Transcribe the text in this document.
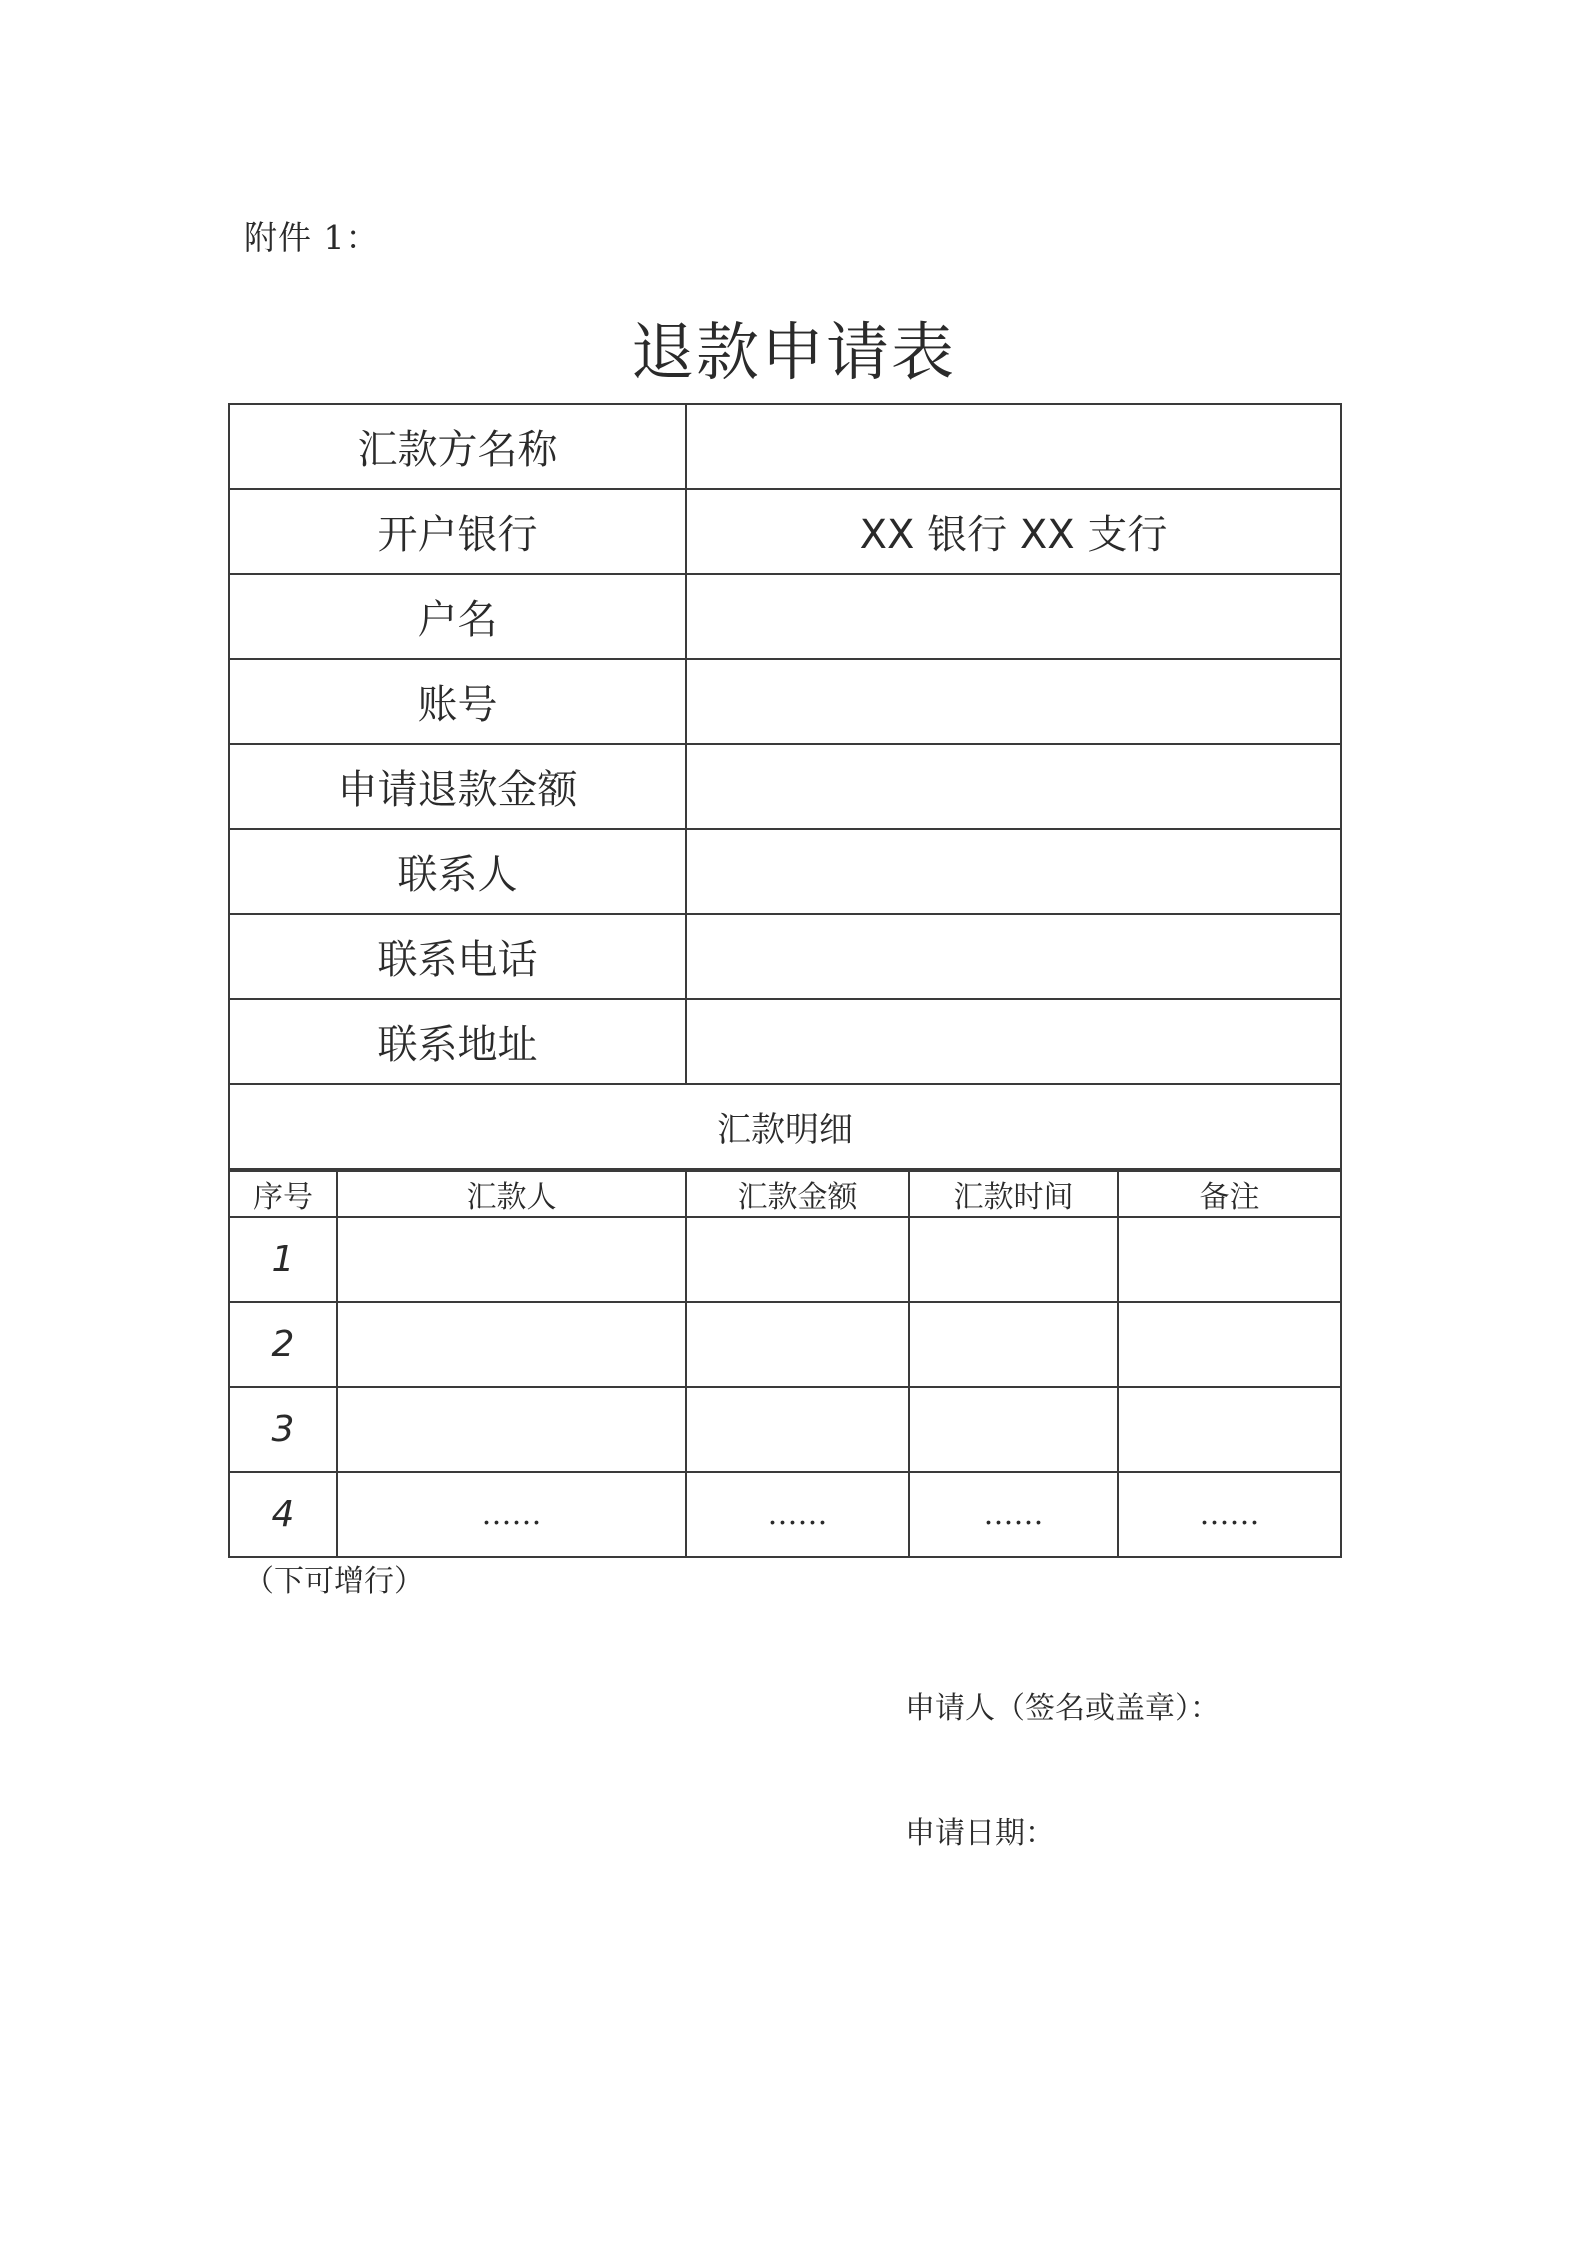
附件 1：
退款申请表
汇款方名称	
开户银行	XX 银行 XX 支行
户名	
账号	
申请退款金额	
联系人	
联系电话	
联系地址	
汇款明细	
序号	汇款人	汇款金额	汇款时间	备注
1				
2				
3				
4	……	……	……	……
（下可增行）
申请人（签名或盖章）：
申请日期：
